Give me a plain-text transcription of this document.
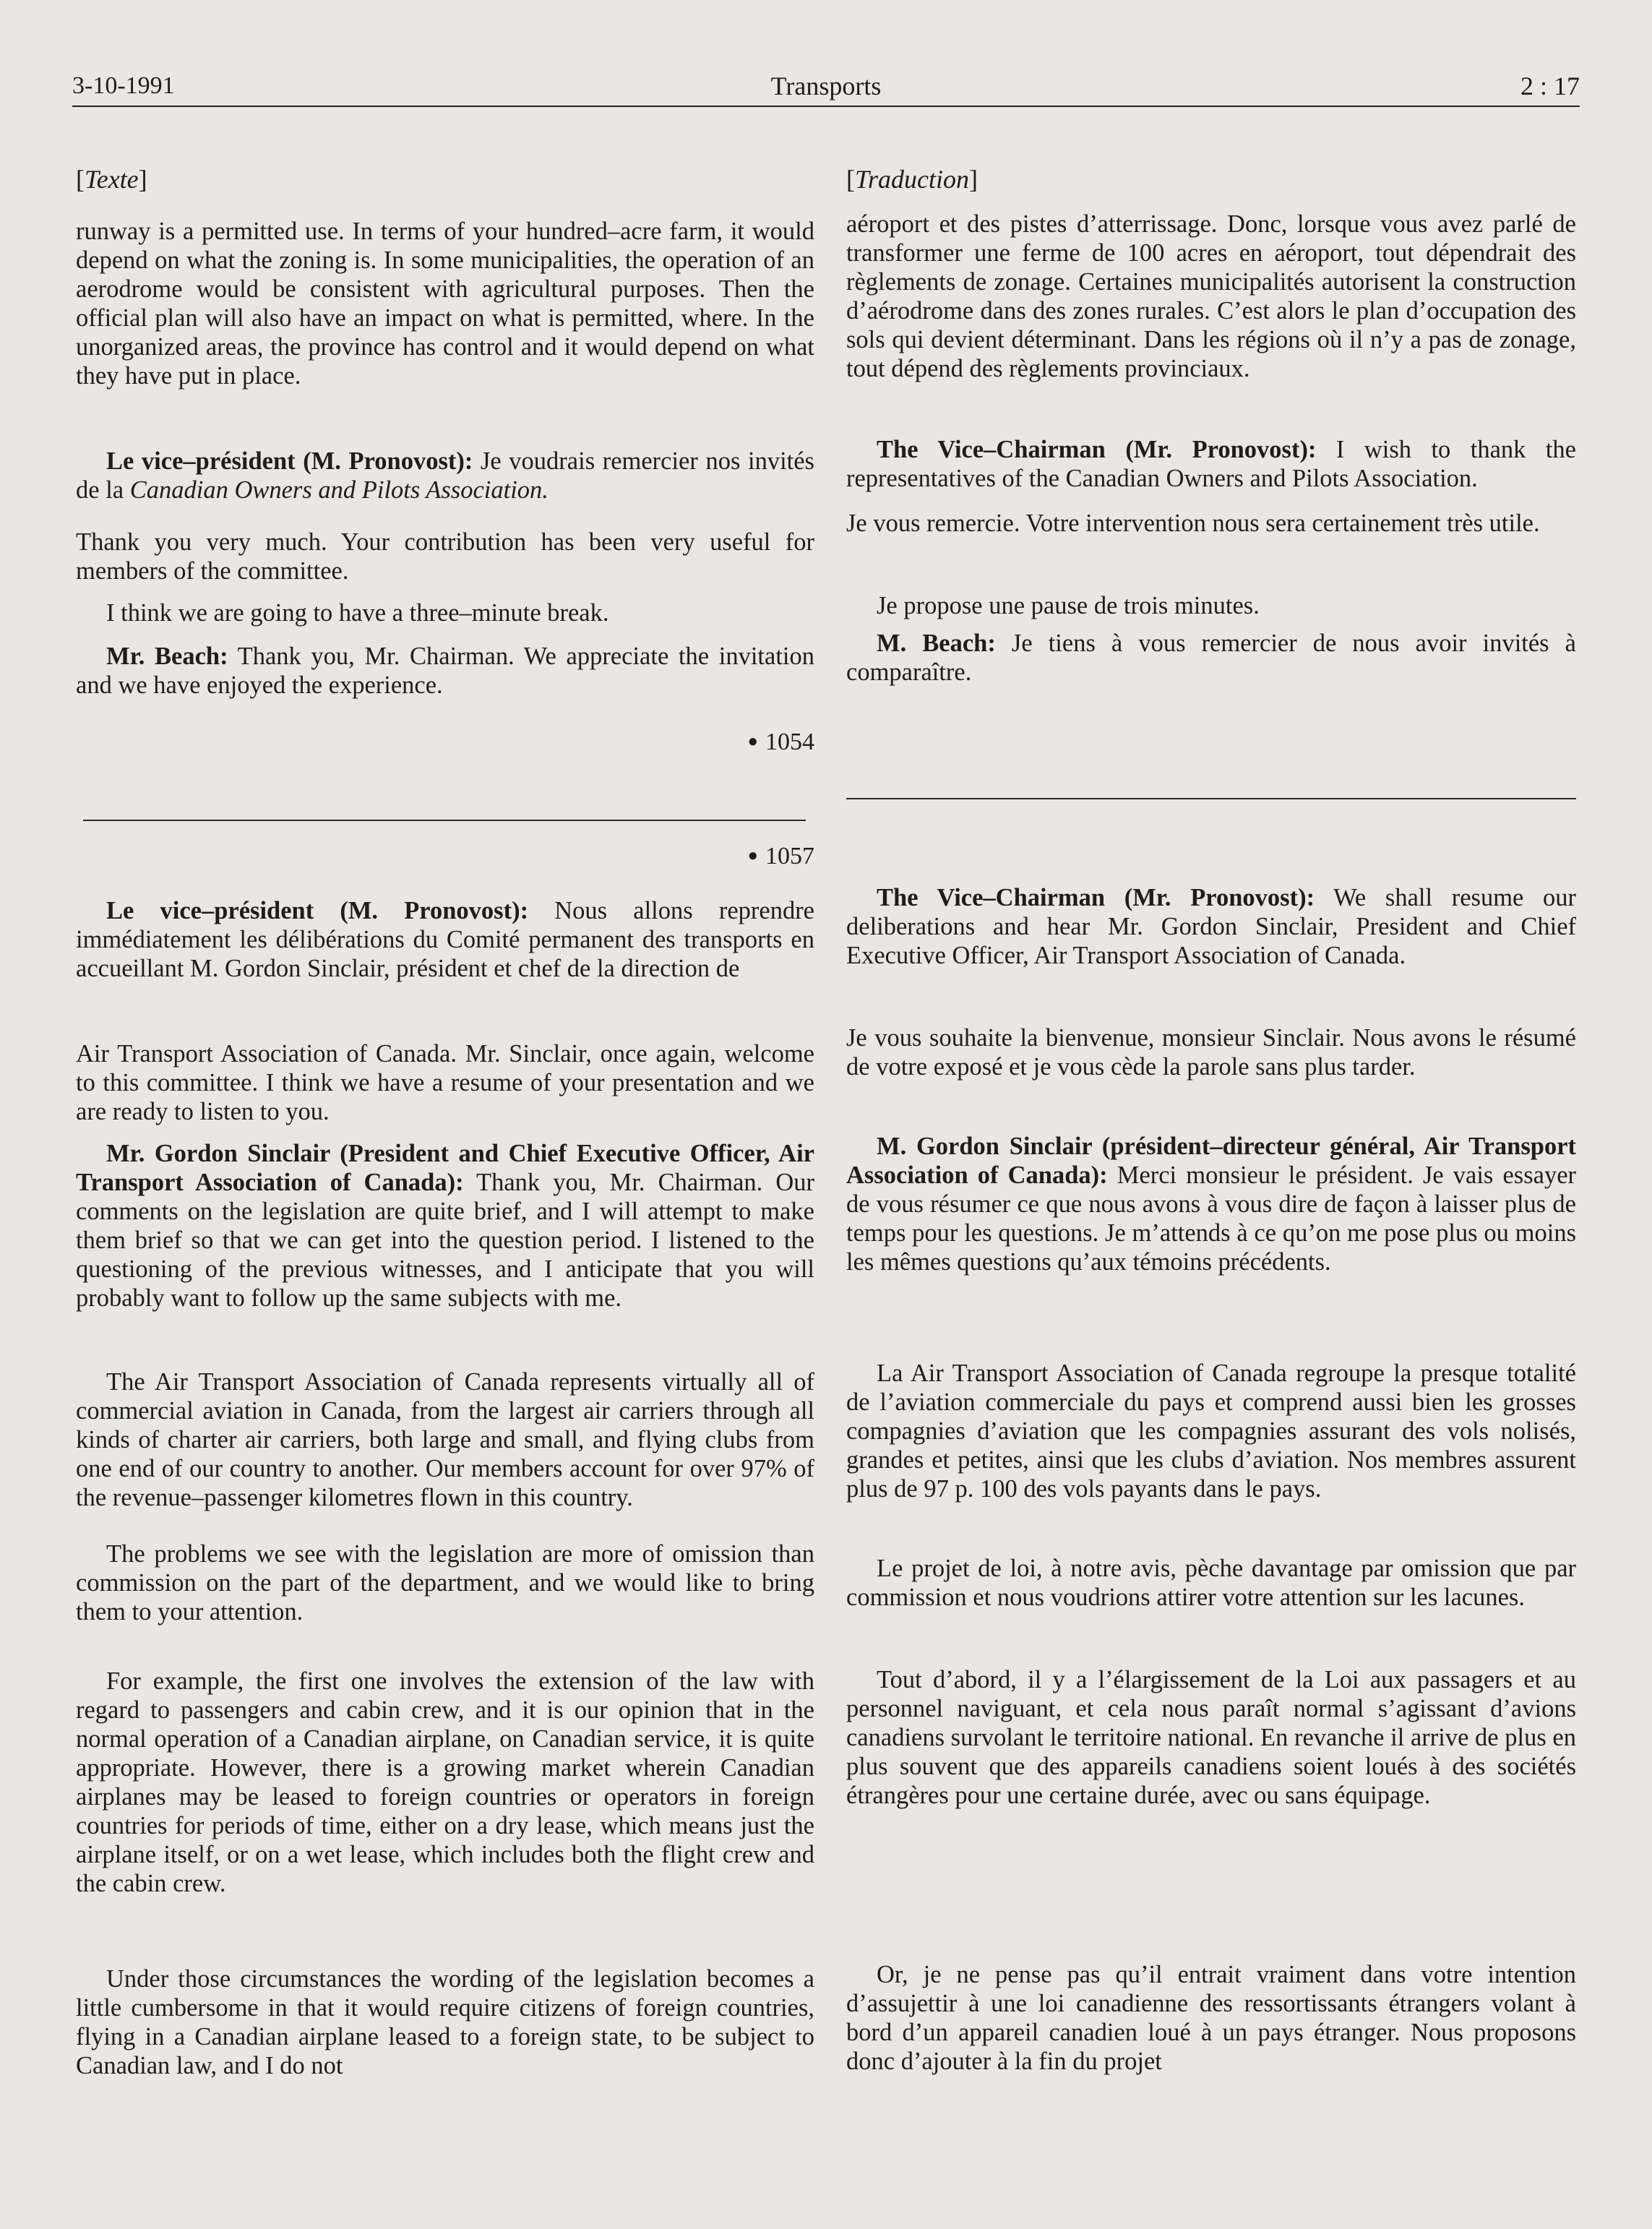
3-10-1991	Transports	2 : 17
[Texte]

runway is a permitted use. In terms of your hundred–acre farm, it would depend on what the zoning is. In some municipalities, the operation of an aerodrome would be consistent with agricultural purposes. Then the official plan will also have an impact on what is permitted, where. In the unorganized areas, the province has control and it would depend on what they have put in place.

Le vice–président (M. Pronovost): Je voudrais remercier nos invités de la Canadian Owners and Pilots Association.

Thank you very much. Your contribution has been very useful for members of the committee.

I think we are going to have a three–minute break.

Mr. Beach: Thank you, Mr. Chairman. We appreciate the invitation and we have enjoyed the experience.

● 1054
● 1057

Le vice–président (M. Pronovost): Nous allons reprendre immédiatement les délibérations du Comité permanent des transports en accueillant M. Gordon Sinclair, président et chef de la direction de

Air Transport Association of Canada. Mr. Sinclair, once again, welcome to this committee. I think we have a resume of your presentation and we are ready to listen to you.

Mr. Gordon Sinclair (President and Chief Executive Officer, Air Transport Association of Canada): Thank you, Mr. Chairman. Our comments on the legislation are quite brief, and I will attempt to make them brief so that we can get into the question period. I listened to the questioning of the previous witnesses, and I anticipate that you will probably want to follow up the same subjects with me.

The Air Transport Association of Canada represents virtually all of commercial aviation in Canada, from the largest air carriers through all kinds of charter air carriers, both large and small, and flying clubs from one end of our country to another. Our members account for over 97% of the revenue–passenger kilometres flown in this country.

The problems we see with the legislation are more of omission than commission on the part of the department, and we would like to bring them to your attention.

For example, the first one involves the extension of the law with regard to passengers and cabin crew, and it is our opinion that in the normal operation of a Canadian airplane, on Canadian service, it is quite appropriate. However, there is a growing market wherein Canadian airplanes may be leased to foreign countries or operators in foreign countries for periods of time, either on a dry lease, which means just the airplane itself, or on a wet lease, which includes both the flight crew and the cabin crew.

Under those circumstances the wording of the legislation becomes a little cumbersome in that it would require citizens of foreign countries, flying in a Canadian airplane leased to a foreign state, to be subject to Canadian law, and I do not

[Traduction]

aéroport et des pistes d’atterrissage. Donc, lorsque vous avez parlé de transformer une ferme de 100 acres en aéroport, tout dépendrait des règlements de zonage. Certaines municipalités autorisent la construction d’aérodrome dans des zones rurales. C’est alors le plan d’occupation des sols qui devient déterminant. Dans les régions où il n’y a pas de zonage, tout dépend des règlements provinciaux.

The Vice–Chairman (Mr. Pronovost): I wish to thank the representatives of the Canadian Owners and Pilots Association.

Je vous remercie. Votre intervention nous sera certainement très utile.

Je propose une pause de trois minutes.

M. Beach: Je tiens à vous remercier de nous avoir invités à comparaître.

The Vice–Chairman (Mr. Pronovost): We shall resume our deliberations and hear Mr. Gordon Sinclair, President and Chief Executive Officer, Air Transport Association of Canada.

Je vous souhaite la bienvenue, monsieur Sinclair. Nous avons le résumé de votre exposé et je vous cède la parole sans plus tarder.

M. Gordon Sinclair (président–directeur général, Air Transport Association of Canada): Merci monsieur le président. Je vais essayer de vous résumer ce que nous avons à vous dire de façon à laisser plus de temps pour les questions. Je m’attends à ce qu’on me pose plus ou moins les mêmes questions qu’aux témoins précédents.

La Air Transport Association of Canada regroupe la presque totalité de l’aviation commerciale du pays et comprend aussi bien les grosses compagnies d’aviation que les compagnies assurant des vols nolisés, grandes et petites, ainsi que les clubs d’aviation. Nos membres assurent plus de 97 p. 100 des vols payants dans le pays.

Le projet de loi, à notre avis, pèche davantage par omission que par commission et nous voudrions attirer votre attention sur les lacunes.

Tout d’abord, il y a l’élargissement de la Loi aux passagers et au personnel naviguant, et cela nous paraît normal s’agissant d’avions canadiens survolant le territoire national. En revanche il arrive de plus en plus souvent que des appareils canadiens soient loués à des sociétés étrangères pour une certaine durée, avec ou sans équipage.

Or, je ne pense pas qu’il entrait vraiment dans votre intention d’assujettir à une loi canadienne des ressortissants étrangers volant à bord d’un appareil canadien loué à un pays étranger. Nous proposons donc d’ajouter à la fin du projet
